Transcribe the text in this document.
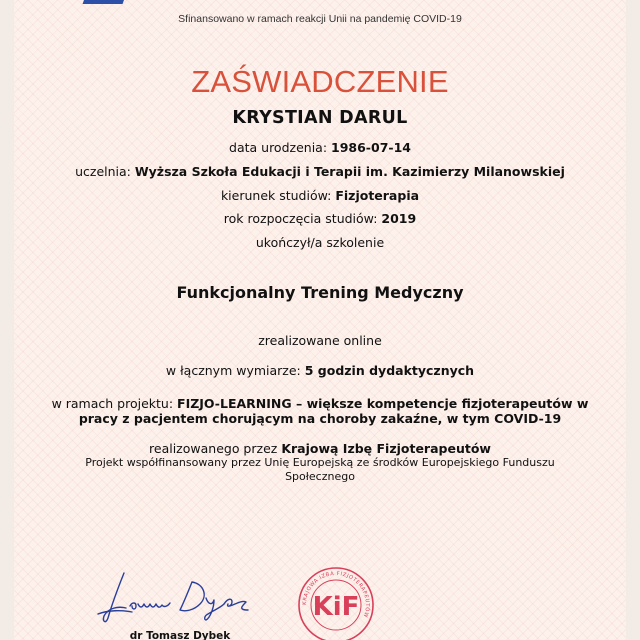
Sfinansowano w ramach reakcji Unii na pandemię COVID-19
ZAŚWIADCZENIE
KRYSTIAN DARUL
data urodzenia: 1986-07-14
uczelnia: Wyższa Szkoła Edukacji i Terapii im. Kazimierzy Milanowskiej
kierunek studiów: Fizjoterapia
rok rozpoczęcia studiów: 2019
ukończył/a szkolenie
Funkcjonalny Trening Medyczny
zrealizowane online
w łącznym wymiarze: 5 godzin dydaktycznych
w ramach projektu: FIZJO-LEARNING – większe kompetencje fizjoterapeutów w pracy z pacjentem chorującym na choroby zakaźne, w tym COVID-19
realizowanego przez Krajową Izbę Fizjoterapeutów
Projekt współfinansowany przez Unię Europejską ze środków Europejskiego Funduszu Społecznego
dr Tomasz Dybek
KRAJOWA IZBA FIZJOTERAPEUTÓW
KiF
